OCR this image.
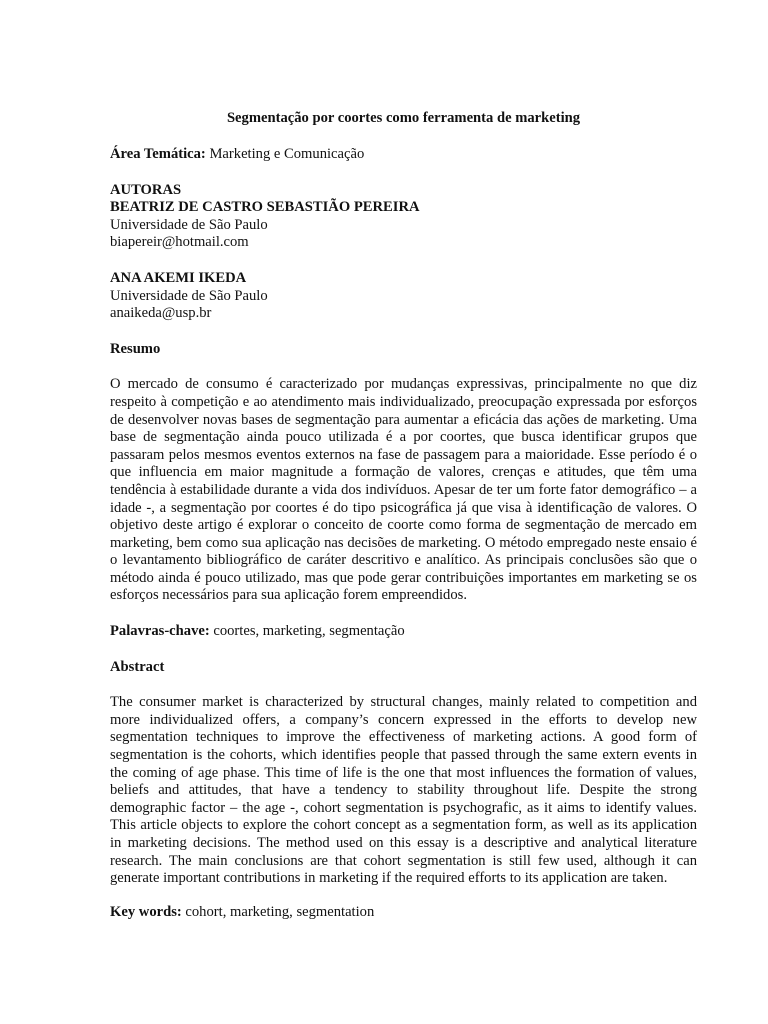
Segmentação por coortes como ferramenta de marketing

Área Temática: Marketing e Comunicação

AUTORAS

BEATRIZ DE CASTRO SEBASTIÃO PEREIRA

Universidade de São Paulo

biapereir@hotmail.com

ANA AKEMI IKEDA

Universidade de São Paulo

anaikeda@usp.br

Resumo

O mercado de consumo é caracterizado por mudanças expressivas, principalmente no que diz respeito à competição e ao atendimento mais individualizado, preocupação expressada por esforços de desenvolver novas bases de segmentação para aumentar a eficácia das ações de marketing. Uma base de segmentação ainda pouco utilizada é a por coortes, que busca identificar grupos que passaram pelos mesmos eventos externos na fase de passagem para a maioridade. Esse período é o que influencia em maior magnitude a formação de valores, crenças e atitudes, que têm uma tendência à estabilidade durante a vida dos indivíduos. Apesar de ter um forte fator demográfico – a idade -, a segmentação por coortes é do tipo psicográfica já que visa à identificação de valores. O objetivo deste artigo é explorar o conceito de coorte como forma de segmentação de mercado em marketing, bem como sua aplicação nas decisões de marketing. O método empregado neste ensaio é o levantamento bibliográfico de caráter descritivo e analítico. As principais conclusões são que o método ainda é pouco utilizado, mas que pode gerar contribuições importantes em marketing se os esforços necessários para sua aplicação forem empreendidos.

Palavras-chave: coortes, marketing, segmentação

Abstract

The consumer market is characterized by structural changes, mainly related to competition and more individualized offers, a company’s concern expressed in the efforts to develop new segmentation techniques to improve the effectiveness of marketing actions. A good form of segmentation is the cohorts, which identifies people that passed through the same extern events in the coming of age phase. This time of life is the one that most influences the formation of values, beliefs and attitudes, that have a tendency to stability throughout life. Despite the strong demographic factor – the age -, cohort segmentation is psychografic, as it aims to identify values. This article objects to explore the cohort concept as a segmentation form, as well as its application in marketing decisions. The method used on this essay is a descriptive and analytical literature research. The main conclusions are that cohort segmentation is still few used, although it can generate important contributions in marketing if the required efforts to its application are taken.

Key words: cohort, marketing, segmentation
